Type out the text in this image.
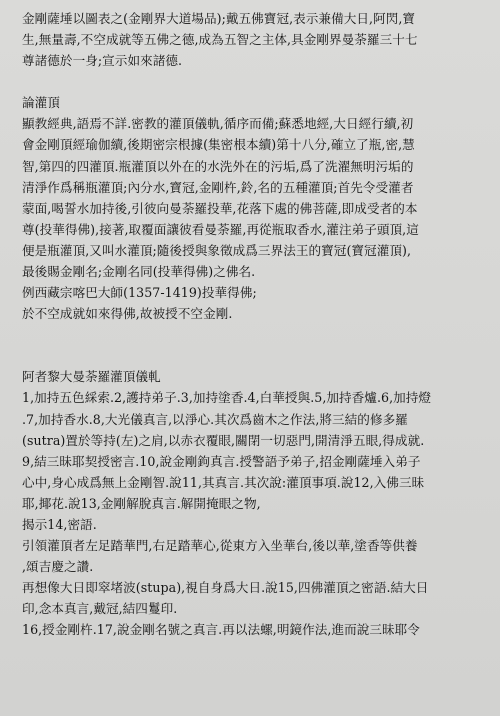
金剛薩埵以圖表之(金剛界大道場品);戴五佛寶冠,表示兼備大日,阿閃,寶
生,無量壽,不空成就等五佛之德,成為五智之主体,具金剛界曼荼羅三十七
尊諸德於一身;宣示如來諸德.
論灌頂
顯教經典,語焉不詳.密教的灌頂儀軌,循序而備;蘇悉地經,大日經行續,初
會金剛頂經瑜伽續,後期密宗根據(集密根本續)第十八分,確立了瓶,密,慧
智,第四的四灌頂.瓶灌頂以外在的水洗外在的污垢,爲了洗濯無明污垢的
清淨作爲稱瓶灌頂;內分水,寶冠,金剛杵,鈴,名的五種灌頂;首先令受灌者
蒙面,喝誓水加持後,引彼向曼荼羅投華,花落下處的佛菩薩,即成受者的本
尊(投華得佛),接著,取覆面讓彼看曼荼羅,再從瓶取香水,灌注弟子頭頂,這
便是瓶灌頂,又叫水灌頂;隨後授與象徵成爲三界法王的寶冠(寶冠灌頂),
最後賜金剛名;金剛名同(投華得佛)之佛名.
例西藏宗喀巴大師(1357-1419)投華得佛;
於不空成就如來得佛,故被授不空金剛.
阿者黎大曼荼羅灌頂儀軋
1,加持五色綵索.2,護持弟子.3,加持塗香.4,白華授與.5,加持香爐.6,加持燈
.7,加持香水.8,大光儀真言,以淨心.其次爲齒木之作法,將三結的修多羅
(sutra)置於等持(左)之肩,以赤衣覆眼,關閉一切惡門,開清淨五眼,得成就.
9,結三昧耶契授密言.10,說金剛鉤真言.授警語予弟子,招金剛薩埵入弟子
心中,身心成爲無上金剛智.說11,其真言.其次說:灌頂事項.說12,入佛三昧
耶,揶花.說13,金剛解脫真言.解開掩眼之物,
揭示14,密語.
引領灌頂者左足踏華門,右足踏華心,從東方入坐華台,後以華,塗香等供養
,頌吉慶之讚.
再想像大日即窣堵波(stupa),視自身爲大日.說15,四佛灌頂之密語.結大日
印,念本真言,戴冠,結四鬘印.
16,授金剛杵.17,說金剛名號之真言.再以法螺,明鏡作法,進而說三昧耶令
